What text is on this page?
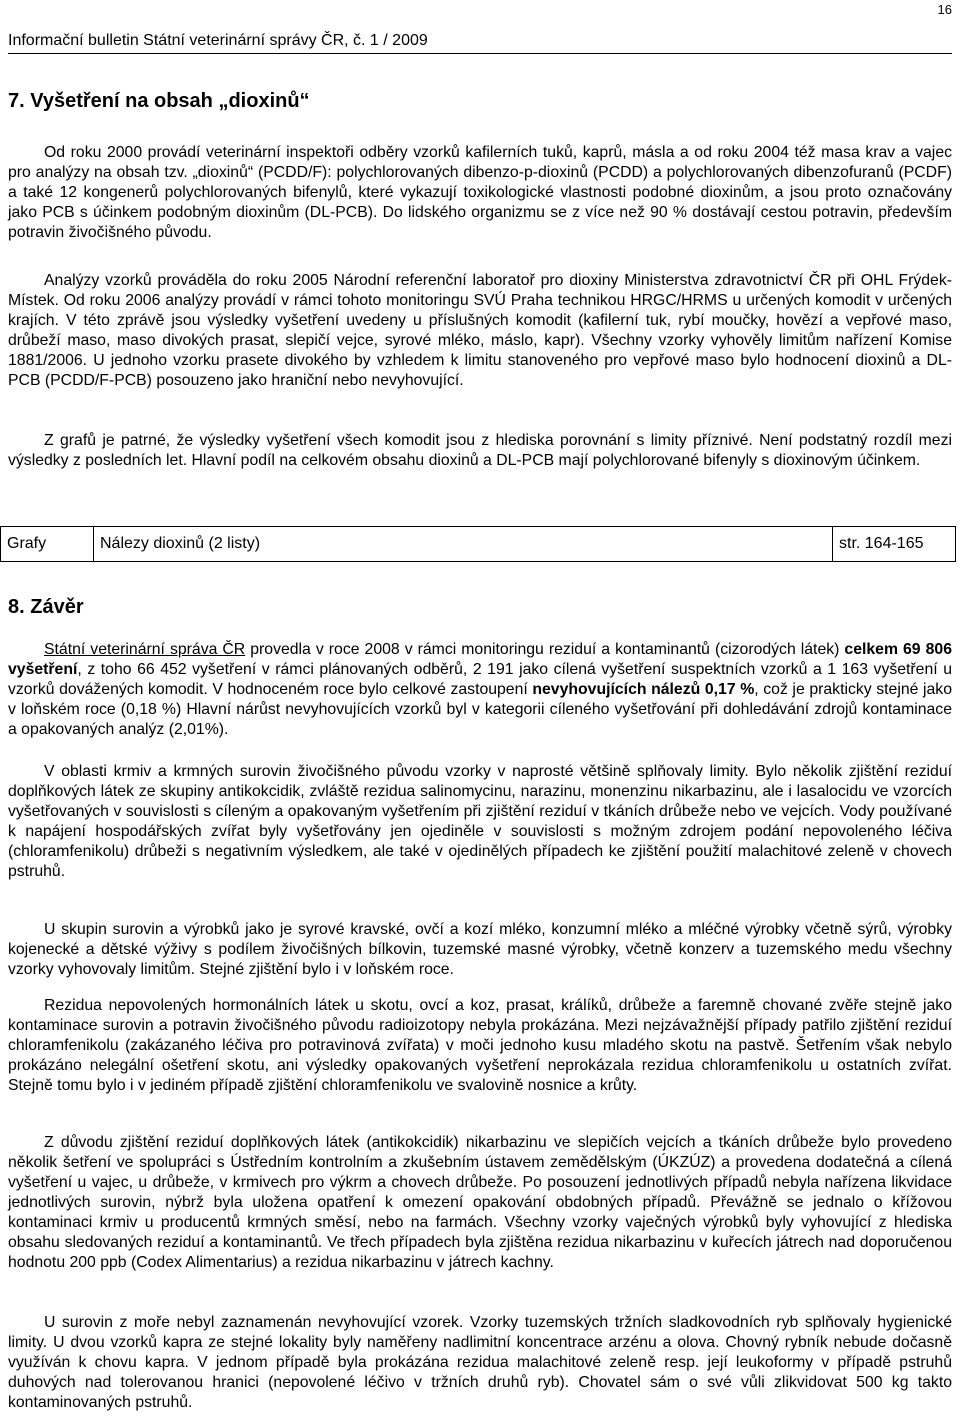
16
Informační bulletin Státní veterinární správy ČR, č. 1 / 2009
7. Vyšetření na obsah „dioxinů“
Od roku 2000 provádí veterinární inspektoři odběry vzorků kafilerních tuků, kaprů, másla a od roku 2004 též masa krav a vajec pro analýzy na obsah tzv. „dioxinů“ (PCDD/F): polychlorovaných dibenzo-p-dioxinů (PCDD) a polychlorovaných dibenzofuranů (PCDF) a také 12 kongenerů polychlorovaných bifenylů, které vykazují toxikologické vlastnosti podobné dioxinům, a jsou proto označovány jako PCB s účinkem podobným dioxinům (DL-PCB). Do lidského organizmu se z více než 90 % dostávají cestou potravin, především potravin živočišného původu.
Analýzy vzorků prováděla do roku 2005 Národní referenční laboratoř pro dioxiny Ministerstva zdravotnictví ČR při OHL Frýdek-Místek. Od roku 2006 analýzy provádí v rámci tohoto monitoringu SVÚ Praha technikou HRGC/HRMS u určených komodit v určených krajích. V této zprávě jsou výsledky vyšetření uvedeny u příslušných komodit (kafilerní tuk, rybí moučky, hovězí a vepřové maso, drůbeží maso, maso divokých prasat, slepičí vejce, syrové mléko, máslo, kapr). Všechny vzorky vyhověly limitům nařízení Komise 1881/2006. U jednoho vzorku prasete divokého by vzhledem k limitu stanoveného pro vepřové maso bylo hodnocení dioxinů a DL-PCB (PCDD/F-PCB) posouzeno jako hraniční nebo nevyhovující.
Z grafů je patrné, že výsledky vyšetření všech komodit jsou z hlediska porovnání s limity příznivé. Není podstatný rozdíl mezi výsledky z posledních let. Hlavní podíl na celkovém obsahu dioxinů a DL-PCB mají polychlorované bifenyly s dioxinovým účinkem.
Grafy	Nálezy dioxinů (2 listy)	str. 164-165
8. Závěr
Státní veterinární správa ČR provedla v roce 2008 v rámci monitoringu reziduí a kontaminantů (cizorodých látek) celkem 69 806 vyšetření, z toho 66 452 vyšetření v rámci plánovaných odběrů, 2 191 jako cílená vyšetření suspektních vzorků a 1 163 vyšetření u vzorků dovážených komodit. V hodnoceném roce bylo celkové zastoupení nevyhovujících nálezů 0,17 %, což je prakticky stejné jako v loňském roce (0,18 %) Hlavní nárůst nevyhovujících vzorků byl v kategorii cíleného vyšetřování při dohledávání zdrojů kontaminace a opakovaných analýz (2,01%).
V oblasti krmiv a krmných surovin živočišného původu vzorky v naprosté většině splňovaly limity. Bylo několik zjištění reziduí doplňkových látek ze skupiny antikokcidik, zvláště rezidua salinomycinu, narazinu, monenzinu nikarbazinu, ale i lasalocidu ve vzorcích vyšetřovaných v souvislosti s cíleným a opakovaným vyšetřením při zjištění reziduí v tkáních drůbeže nebo ve vejcích. Vody používané k napájení hospodářských zvířat byly vyšetřovány jen ojediněle v souvislosti s možným zdrojem podání nepovoleného léčiva (chloramfenikolu) drůbeži s negativním výsledkem, ale také v ojedinělých případech ke zjištění použití malachitové zeleně v chovech pstruhů.
U skupin surovin a výrobků jako je syrové kravské, ovčí a kozí mléko, konzumní mléko a mléčné výrobky včetně sýrů, výrobky kojenecké a dětské výživy s podílem živočišných bílkovin, tuzemské masné výrobky, včetně konzerv a tuzemského medu všechny vzorky vyhovovaly limitům. Stejné zjištění bylo i v loňském roce.
Rezidua nepovolených hormonálních látek u skotu, ovcí a koz, prasat, králíků, drůbeže a faremně chované zvěře stejně jako kontaminace surovin a potravin živočišného původu radioizotopy nebyla prokázána. Mezi nejzávažnější případy patřilo zjištění reziduí chloramfenikolu (zakázaného léčiva pro potravinová zvířata) v moči jednoho kusu mladého skotu na pastvě. Šetřením však nebylo prokázáno nelegální ošetření skotu, ani výsledky opakovaných vyšetření neprokázala rezidua chloramfenikolu u ostatních zvířat. Stejně tomu bylo i v jediném případě zjištění chloramfenikolu ve svalovině nosnice a krůty.
Z důvodu zjištění reziduí doplňkových látek (antikokcidik) nikarbazinu ve slepičích vejcích a tkáních drůbeže bylo provedeno několik šetření ve spolupráci s Ústředním kontrolním a zkušebním ústavem zemědělským (ÚKZÚZ) a provedena dodatečná a cílená vyšetření u vajec, u drůbeže, v krmivech pro výkrm a chovech drůbeže. Po posouzení jednotlivých případů nebyla nařízena likvidace jednotlivých surovin, nýbrž byla uložena opatření k omezení opakování obdobných případů. Převážně se jednalo o křížovou kontaminaci krmiv u producentů krmných směsí, nebo na farmách. Všechny vzorky vaječných výrobků byly vyhovující z hlediska obsahu sledovaných reziduí a kontaminantů. Ve třech případech byla zjištěna rezidua nikarbazinu v kuřecích játrech nad doporučenou hodnotu 200 ppb (Codex Alimentarius) a rezidua nikarbazinu v játrech kachny.
U surovin z moře nebyl zaznamenán nevyhovující vzorek. Vzorky tuzemských tržních sladkovodních ryb splňovaly hygienické limity. U dvou vzorků kapra ze stejné lokality byly naměřeny nadlimitní koncentrace arzénu a olova. Chovný rybník nebude dočasně využíván k chovu kapra. V jednom případě byla prokázána rezidua malachitové zeleně resp. její leukoformy v případě pstruhů duhových nad tolerovanou hranici (nepovolené léčivo v tržních druhů ryb). Chovatel sám o své vůli zlikvidovat 500 kg takto kontaminovaných pstruhů.
